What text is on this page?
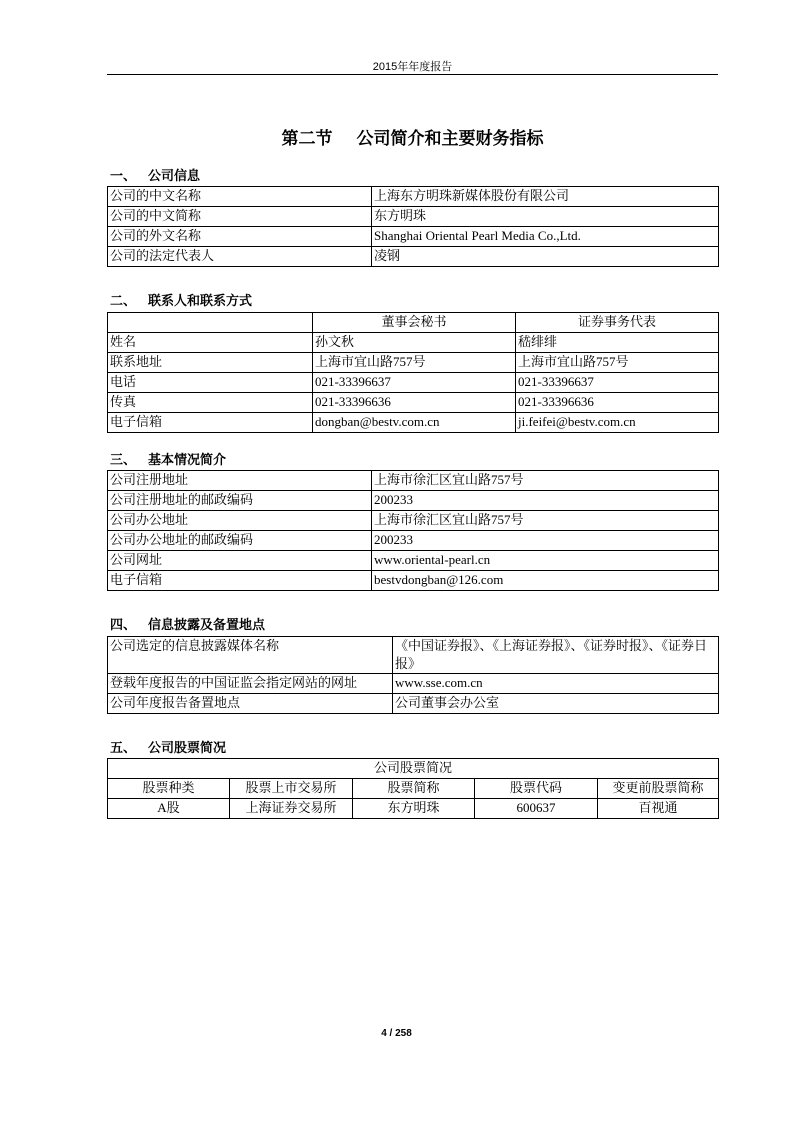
2015年年度报告
第二节 公司简介和主要财务指标
一、 公司信息
公司的中文名称	上海东方明珠新媒体股份有限公司
公司的中文简称	东方明珠
公司的外文名称	Shanghai Oriental Pearl Media Co.,Ltd.
公司的法定代表人	凌钢
二、 联系人和联系方式
	董事会秘书	证券事务代表
姓名	孙文秋	嵇绯绯
联系地址	上海市宜山路757号	上海市宜山路757号
电话	021-33396637	021-33396637
传真	021-33396636	021-33396636
电子信箱	dongban@bestv.com.cn	ji.feifei@bestv.com.cn
三、 基本情况简介
公司注册地址	上海市徐汇区宜山路757号
公司注册地址的邮政编码	200233
公司办公地址	上海市徐汇区宜山路757号
公司办公地址的邮政编码	200233
公司网址	www.oriental-pearl.cn
电子信箱	bestvdongban@126.com
四、 信息披露及备置地点
公司选定的信息披露媒体名称	《中国证券报》、《上海证券报》、《证券时报》、《证券日报》
登载年度报告的中国证监会指定网站的网址	www.sse.com.cn
公司年度报告备置地点	公司董事会办公室
五、 公司股票简况
公司股票简况				
股票种类	股票上市交易所	股票简称	股票代码	变更前股票简称
A股	上海证券交易所	东方明珠	600637	百视通
4 / 258
